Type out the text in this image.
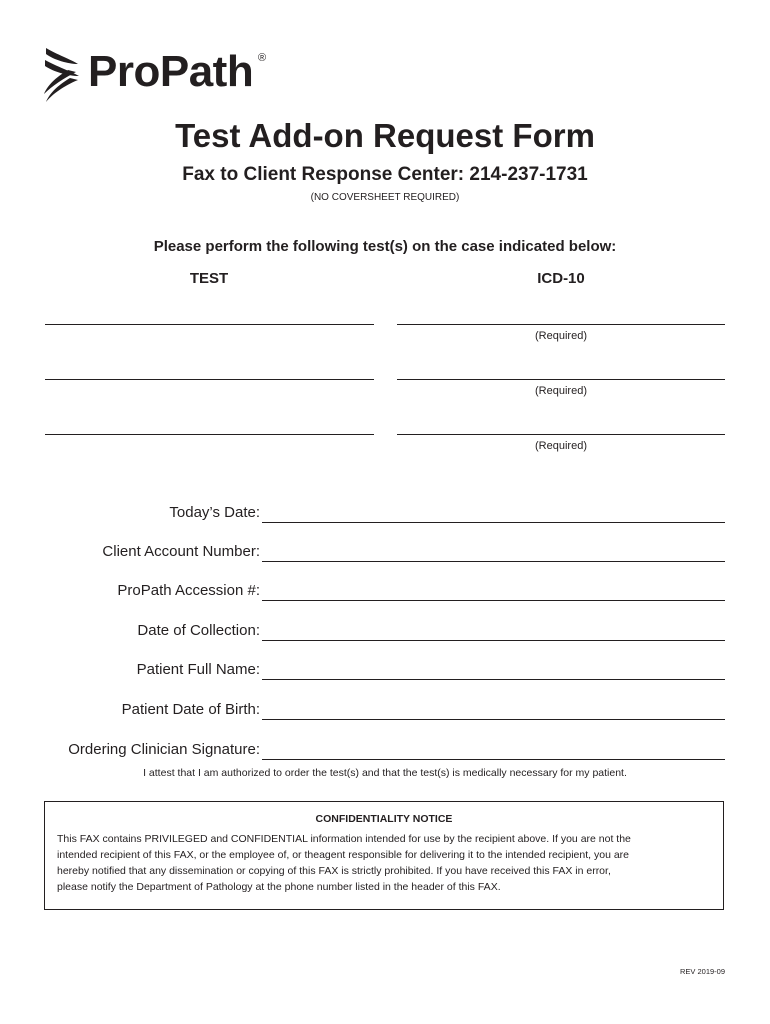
ProPath ®
Test Add-on Request Form
Fax to Client Response Center: 214-237-1731
(NO COVERSHEET REQUIRED)
Please perform the following test(s) on the case indicated below:
TEST	ICD-10
(Required)
(Required)
(Required)
Today’s Date:
Client Account Number:
ProPath Accession #:
Date of Collection:
Patient Full Name:
Patient Date of Birth:
Ordering Clinician Signature:
I attest that I am authorized to order the test(s) and that the test(s) is medically necessary for my patient.
CONFIDENTIALITY NOTICE
This FAX contains PRIVILEGED and CONFIDENTIAL information intended for use by the recipient above. If you are not the
intended recipient of this FAX, or the employee of, or theagent responsible for delivering it to the intended recipient, you are
hereby notified that any dissemination or copying of this FAX is strictly prohibited. If you have received this FAX in error,
please notify the Department of Pathology at the phone number listed in the header of this FAX.
REV 2019-09
